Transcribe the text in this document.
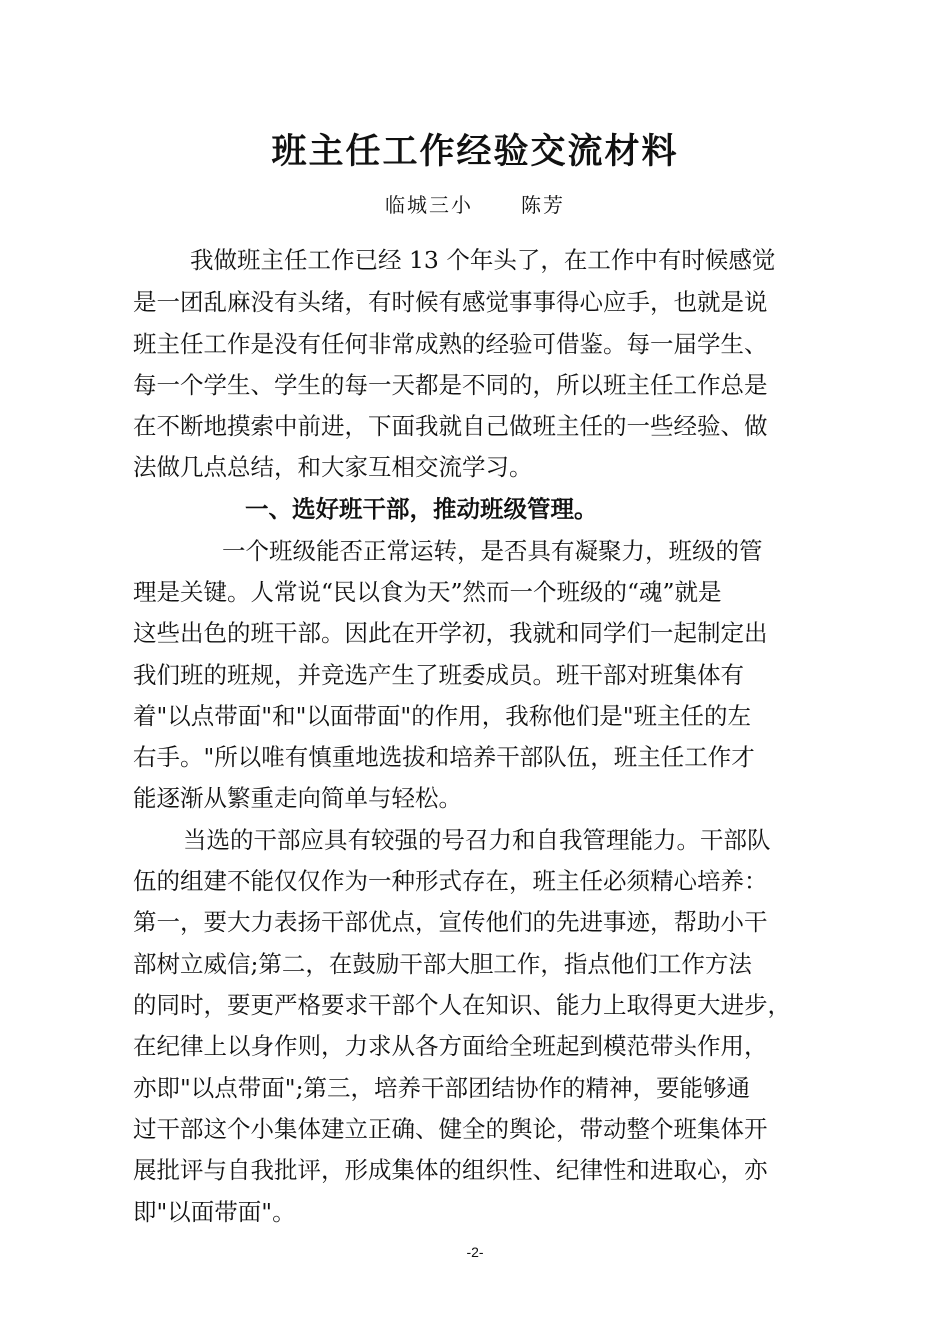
班主任工作经验交流材料
临城三小 陈芳
我做班主任工作已经 13 个年头了，在工作中有时候感觉
是一团乱麻没有头绪，有时候有感觉事事得心应手，也就是说
班主任工作是没有任何非常成熟的经验可借鉴。每一届学生、
每一个学生、学生的每一天都是不同的，所以班主任工作总是
在不断地摸索中前进，下面我就自己做班主任的一些经验、做
法做几点总结，和大家互相交流学习。
一、选好班干部，推动班级管理。
一个班级能否正常运转，是否具有凝聚力，班级的管
理是关键。人常说“民以食为天”然而一个班级的“魂”就是
这些出色的班干部。因此在开学初，我就和同学们一起制定出
我们班的班规，并竞选产生了班委成员。班干部对班集体有
着"以点带面"和"以面带面"的作用，我称他们是"班主任的左
右手。"所以唯有慎重地选拔和培养干部队伍，班主任工作才
能逐渐从繁重走向简单与轻松。
当选的干部应具有较强的号召力和自我管理能力。干部队
伍的组建不能仅仅作为一种形式存在，班主任必须精心培养：
第一，要大力表扬干部优点，宣传他们的先进事迹，帮助小干
部树立威信;第二，在鼓励干部大胆工作，指点他们工作方法
的同时，要更严格要求干部个人在知识、能力上取得更大进步，
在纪律上以身作则，力求从各方面给全班起到模范带头作用，
亦即"以点带面";第三，培养干部团结协作的精神，要能够通
过干部这个小集体建立正确、健全的舆论，带动整个班集体开
展批评与自我批评，形成集体的组织性、纪律性和进取心，亦
即"以面带面"。
-2-
